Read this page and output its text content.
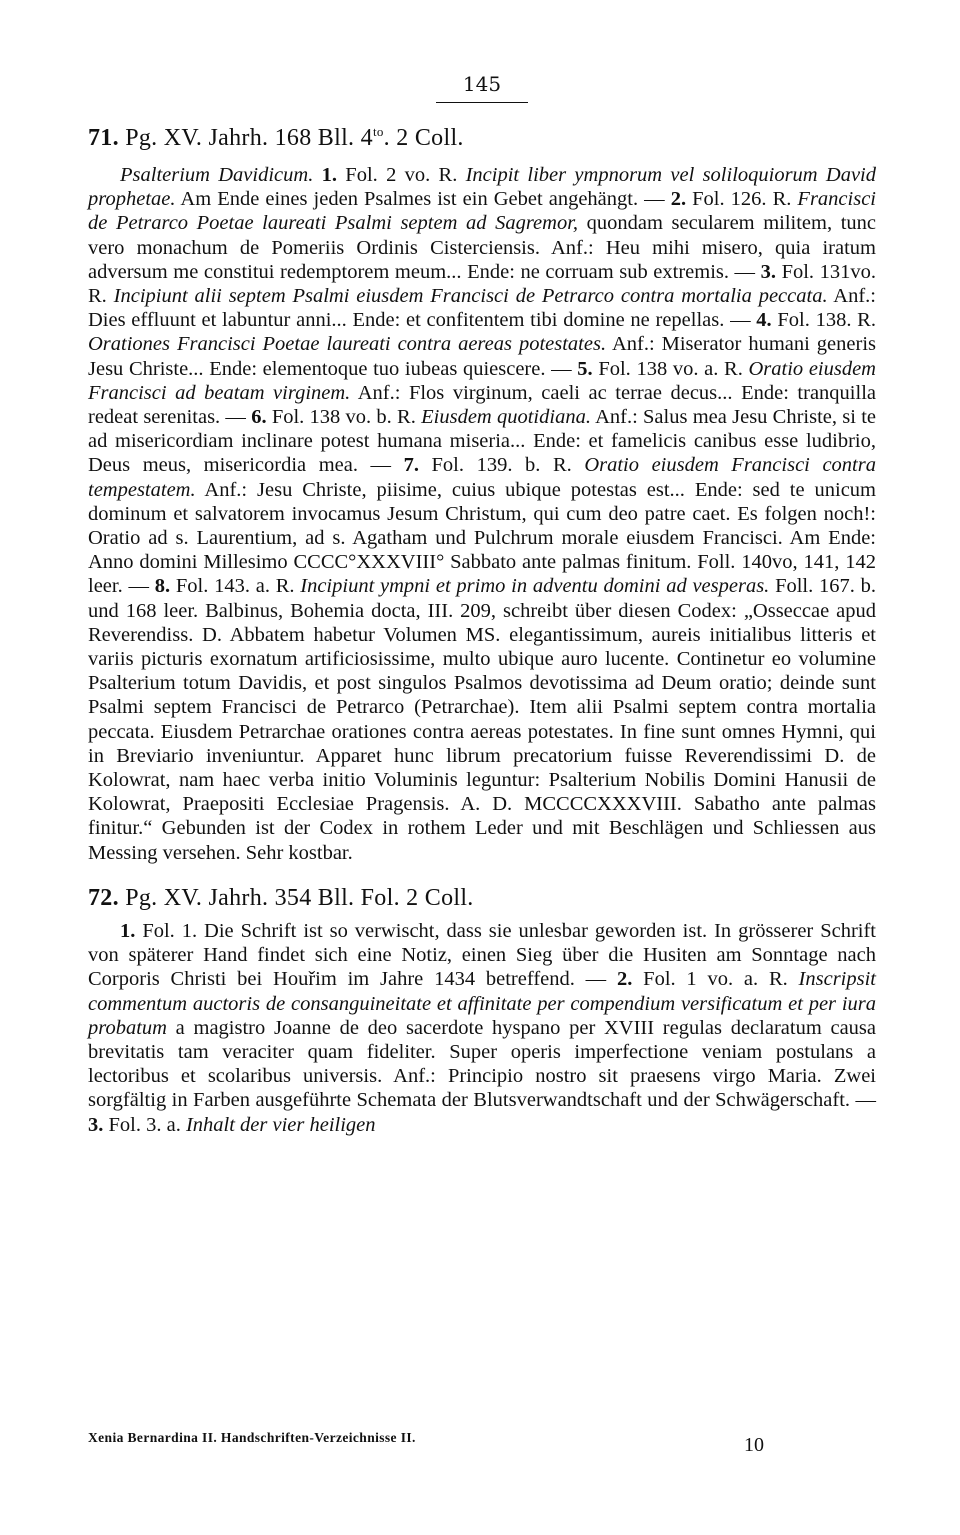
145
71. Pg. XV. Jahrh. 168 Bll. $4^{to}$. 2 Coll.

Psalterium Davidicum. 1. Fol. 2 vo. R. Incipit liber ympnorum vel soliloquiorum David prophetae. Am Ende eines jeden Psalmes ist ein Gebet angehängt. — 2. Fol. 126. R. Francisci de Petrarco Poetae laureati Psalmi septem ad Sagremor, quondam secularem militem, tunc vero monachum de Pomeriis Ordinis Cisterciensis. Anf.: Heu mihi misero, quia iratum adversum me constitui redemptorem meum... Ende: ne corruam sub extremis. — 3. Fol. 131vo. R. Incipiunt alii septem Psalmi eiusdem Francisci de Petrarco contra mortalia peccata. Anf.: Dies effluunt et labuntur anni... Ende: et confitentem tibi domine ne repellas. — 4. Fol. 138. R. Orationes Francisci Poetae laureati contra aereas potestates. Anf.: Miserator humani generis Jesu Christe... Ende: elementoque tuo iubeas quiescere. — 5. Fol. 138 vo. a. R. Oratio eiusdem Francisci ad beatam virginem. Anf.: Flos virginum, caeli ac terrae decus... Ende: tranquilla redeat serenitas. — 6. Fol. 138 vo. b. R. Eiusdem quotidiana. Anf.: Salus mea Jesu Christe, si te ad misericordiam inclinare potest humana miseria... Ende: et famelicis canibus esse ludibrio, Deus meus, misericordia mea. — 7. Fol. 139. b. R. Oratio eiusdem Francisci contra tempestatem. Anf.: Jesu Christe, piisime, cuius ubique potestas est... Ende: sed te unicum dominum et salvatorem invocamus Jesum Christum, qui cum deo patre caet. Es folgen noch!: Oratio ad s. Laurentium, ad s. Agatham und Pulchrum morale eiusdem Francisci. Am Ende: Anno domini Millesimo CCCC°XXXVIII° Sabbato ante palmas finitum. Foll. 140vo, 141, 142 leer. — 8. Fol. 143. a. R. Incipiunt ympni et primo in adventu domini ad vesperas. Foll. 167. b. und 168 leer. Balbinus, Bohemia docta, III. 209, schreibt über diesen Codex: „Osseccae apud Reverendiss. D. Abbatem habetur Volumen MS. elegantissimum, aureis initialibus litteris et variis picturis exornatum artificiosissime, multo ubique auro lucente. Continetur eo volumine Psalterium totum Davidis, et post singulos Psalmos devotissima ad Deum oratio; deinde sunt Psalmi septem Francisci de Petrarco (Petrarchae). Item alii Psalmi septem contra mortalia peccata. Eiusdem Petrarchae orationes contra aereas potestates. In fine sunt omnes Hymni, qui in Breviario inveniuntur. Apparet hunc librum precatorium fuisse Reverendissimi D. de Kolowrat, nam haec verba initio Voluminis leguntur: Psalterium Nobilis Domini Hanusii de Kolowrat, Praepositi Ecclesiae Pragensis. A. D. MCCCCXXXVIII. Sabatho ante palmas finitur.“ Gebunden ist der Codex in rothem Leder und mit Beschlägen und Schliessen aus Messing versehen. Sehr kostbar.

72. Pg. XV. Jahrh. 354 Bll. Fol. 2 Coll.

1. Fol. 1. Die Schrift ist so verwischt, dass sie unlesbar geworden ist. In grösserer Schrift von späterer Hand findet sich eine Notiz, einen Sieg über die Husiten am Sonntage nach Corporis Christi bei Houřim im Jahre 1434 betreffend. — 2. Fol. 1 vo. a. R. Inscripsit commentum auctoris de consanguineitate et affinitate per compendium versificatum et per iura probatum a magistro Joanne de deo sacerdote hyspano per XVIII regulas declaratum causa brevitatis tam veraciter quam fideliter. Super operis imperfectione veniam postulans a lectoribus et scolaribus universis. Anf.: Principio nostro sit praesens virgo Maria. Zwei sorgfältig in Farben ausgeführte Schemata der Blutsverwandtschaft und der Schwägerschaft. — 3. Fol. 3. a. Inhalt der vier heiligen

Xenia Bernardina II. Handschriften-Verzeichnisse II.	10
